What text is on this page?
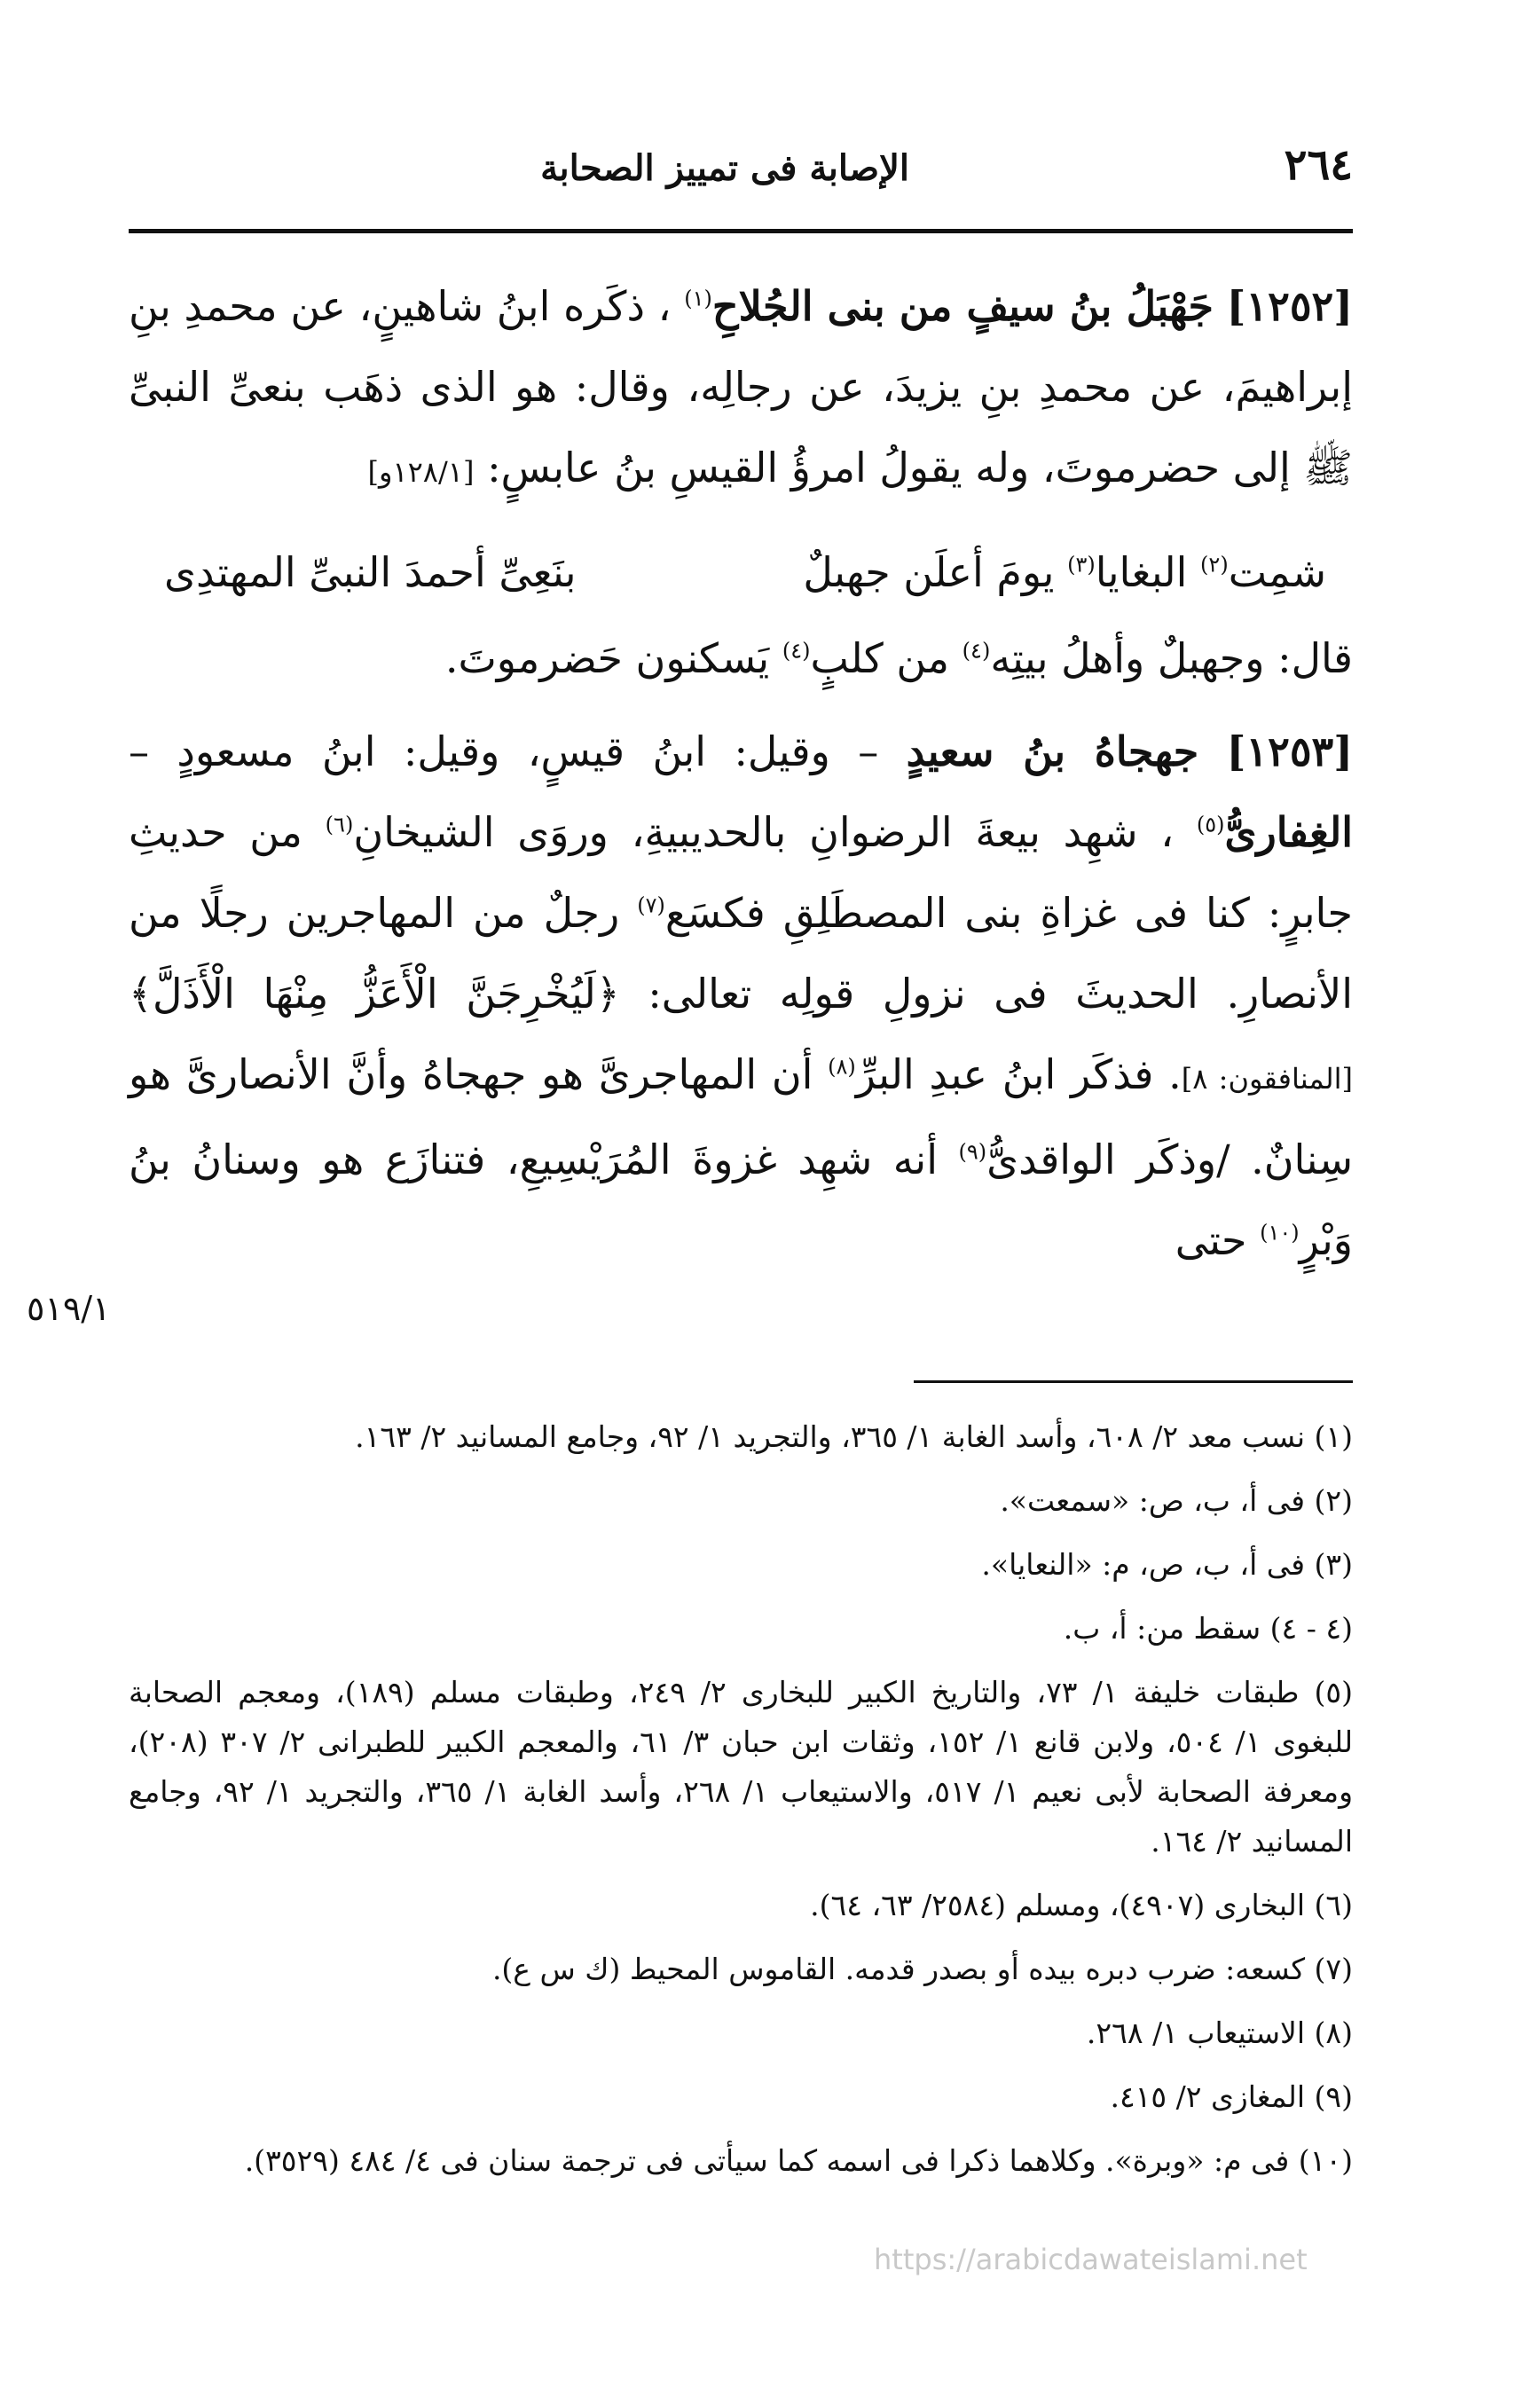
٢٦٤
الإصابة فى تمييز الصحابة

[١٢٥٢] جَهْبَلُ بنُ سيفٍ من بنى الجُلاحِ$^{(١)}$ ، ذكَره ابنُ شاهينٍ، عن محمدِ بنِ إبراهيمَ، عن محمدِ بنِ يزيدَ، عن رجالِه، وقال: هو الذى ذهَب بنعىِّ النبىِّ ﷺ إلى حضرموتَ، وله يقولُ امرؤُ القيسِ بنُ عابسٍ: [١٢٨/١و]

شمِت$^{(٢)}$ البغايا$^{(٣)}$ يومَ أعلَن جهبلٌ
بنَعِىِّ أحمدَ النبىِّ المهتدِى

قال: وجهبلٌ وأهلُ بيتِه$^{(٤)}$ من كلبٍ$^{(٤)}$ يَسكنون حَضرموتَ.

[١٢٥٣] جهجاهُ بنُ سعيدٍ – وقيل: ابنُ قيسٍ، وقيل: ابنُ مسعودٍ – الغِفارىُّ$^{(٥)}$ ، شهِد بيعةَ الرضوانِ بالحديبيةِ، وروَى الشيخانِ$^{(٦)}$ من حديثِ جابرٍ: كنا فى غزاةِ بنى المصطَلِقِ فكسَع$^{(٧)}$ رجلٌ من المهاجرين رجلًا من الأنصارِ. الحديثَ فى نزولِ قولِه تعالى: ﴿لَيُخْرِجَنَّ الْأَعَزُّ مِنْهَا الْأَذَلَّ﴾ [المنافقون: ٨]. فذكَر ابنُ عبدِ البرِّ$^{(٨)}$ أن المهاجرىَّ هو جهجاهُ وأنَّ الأنصارىَّ هو سِنانٌ. /وذكَر الواقدىُّ$^{(٩)}$ أنه شهِد غزوةَ المُرَيْسِيعِ، فتنازَع هو وسنانُ بنُ وَبْرٍ$^{(١٠)}$ حتى

٥١٩/١

(١) نسب معد ٢/ ٦٠٨، وأسد الغابة ١/ ٣٦٥، والتجريد ١/ ٩٢، وجامع المسانيد ٢/ ١٦٣.

(٢) فى أ، ب، ص: «سمعت».

(٣) فى أ، ب، ص، م: «النعايا».

(٤ - ٤) سقط من: أ، ب.

(٥) طبقات خليفة ١/ ٧٣، والتاريخ الكبير للبخارى ٢/ ٢٤٩، وطبقات مسلم (١٨٩)، ومعجم الصحابة للبغوى ١/ ٥٠٤، ولابن قانع ١/ ١٥٢، وثقات ابن حبان ٣/ ٦١، والمعجم الكبير للطبرانى ٢/ ٣٠٧ (٢٠٨)، ومعرفة الصحابة لأبى نعيم ١/ ٥١٧، والاستيعاب ١/ ٢٦٨، وأسد الغابة ١/ ٣٦٥، والتجريد ١/ ٩٢، وجامع المسانيد ٢/ ١٦٤.

(٦) البخارى (٤٩٠٧)، ومسلم (٢٥٨٤/ ٦٣، ٦٤).

(٧) كسعه: ضرب دبره بيده أو بصدر قدمه. القاموس المحيط (ك س ع).

(٨) الاستيعاب ١/ ٢٦٨.

(٩) المغازى ٢/ ٤١٥.

(١٠) فى م: «وبرة». وكلاهما ذكرا فى اسمه كما سيأتى فى ترجمة سنان فى ٤/ ٤٨٤ (٣٥٢٩).

https://arabicdawateislami.net
